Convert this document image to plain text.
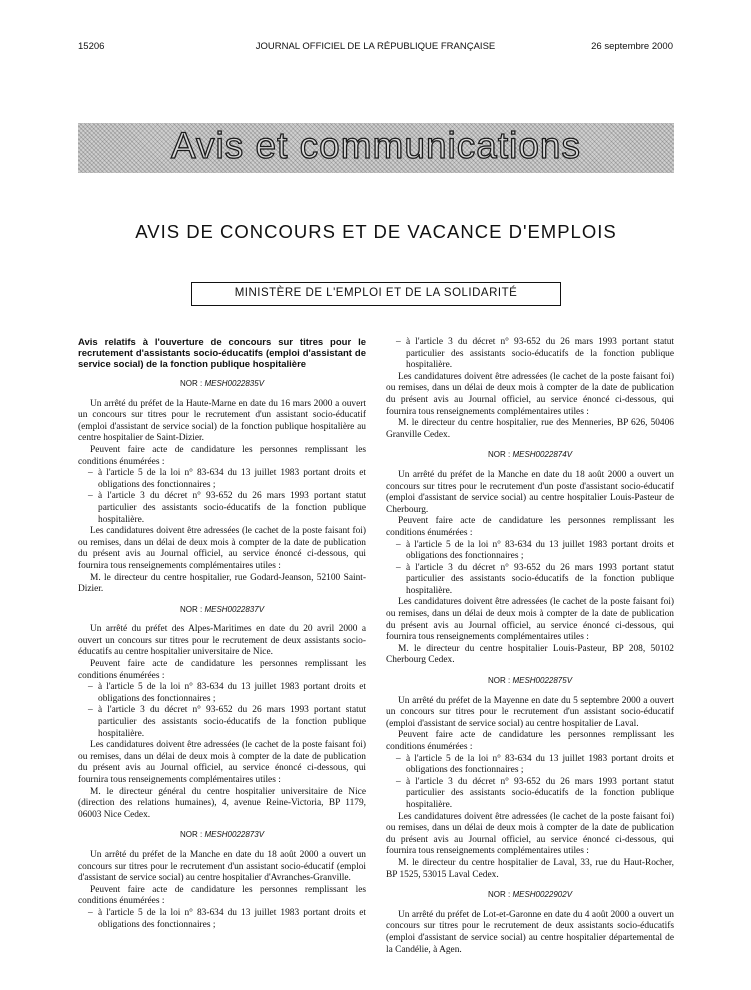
15206	JOURNAL OFFICIEL DE LA RÉPUBLIQUE FRANÇAISE	26 septembre 2000
Avis et communications
AVIS DE CONCOURS ET DE VACANCE D'EMPLOIS
MINISTÈRE DE L'EMPLOI ET DE LA SOLIDARITÉ

Avis relatifs à l'ouverture de concours sur titres pour le recrutement d'assistants socio-éducatifs (emploi d'assistant de service social) de la fonction publique hospitalière

NOR : MESH0022835V

Un arrêté du préfet de la Haute-Marne en date du 16 mars 2000 a ouvert un concours sur titres pour le recrutement d'un assistant socio-éducatif (emploi d'assistant de service social) de la fonction publique hospitalière au centre hospitalier de Saint-Dizier.

Peuvent faire acte de candidature les personnes remplissant les conditions énumérées :

– à l'article 5 de la loi n° 83-634 du 13 juillet 1983 portant droits et obligations des fonctionnaires ;

– à l'article 3 du décret n° 93-652 du 26 mars 1993 portant statut particulier des assistants socio-éducatifs de la fonction publique hospitalière.

Les candidatures doivent être adressées (le cachet de la poste faisant foi) ou remises, dans un délai de deux mois à compter de la date de publication du présent avis au Journal officiel, au service énoncé ci-dessous, qui fournira tous renseignements complémentaires utiles :

M. le directeur du centre hospitalier, rue Godard-Jeanson, 52100 Saint-Dizier.

NOR : MESH0022837V

Un arrêté du préfet des Alpes-Maritimes en date du 20 avril 2000 a ouvert un concours sur titres pour le recrutement de deux assistants socio-éducatifs au centre hospitalier universitaire de Nice.

Peuvent faire acte de candidature les personnes remplissant les conditions énumérées :

– à l'article 5 de la loi n° 83-634 du 13 juillet 1983 portant droits et obligations des fonctionnaires ;

– à l'article 3 du décret n° 93-652 du 26 mars 1993 portant statut particulier des assistants socio-éducatifs de la fonction publique hospitalière.

Les candidatures doivent être adressées (le cachet de la poste faisant foi) ou remises, dans un délai de deux mois à compter de la date de publication du présent avis au Journal officiel, au service énoncé ci-dessous, qui fournira tous renseignements complémentaires utiles :

M. le directeur général du centre hospitalier universitaire de Nice (direction des relations humaines), 4, avenue Reine-Victoria, BP 1179, 06003 Nice Cedex.

NOR : MESH0022873V

Un arrêté du préfet de la Manche en date du 18 août 2000 a ouvert un concours sur titres pour le recrutement d'un assistant socio-éducatif (emploi d'assistant de service social) au centre hospitalier d'Avranches-Granville.

Peuvent faire acte de candidature les personnes remplissant les conditions énumérées :

– à l'article 5 de la loi n° 83-634 du 13 juillet 1983 portant droits et obligations des fonctionnaires ;

– à l'article 3 du décret n° 93-652 du 26 mars 1993 portant statut particulier des assistants socio-éducatifs de la fonction publique hospitalière.

Les candidatures doivent être adressées (le cachet de la poste faisant foi) ou remises, dans un délai de deux mois à compter de la date de publication du présent avis au Journal officiel, au service énoncé ci-dessous, qui fournira tous renseignements complémentaires utiles :

M. le directeur du centre hospitalier, rue des Menneries, BP 626, 50406 Granville Cedex.

NOR : MESH0022874V

Un arrêté du préfet de la Manche en date du 18 août 2000 a ouvert un concours sur titres pour le recrutement d'un poste d'assistant socio-éducatif (emploi d'assistant de service social) au centre hospitalier Louis-Pasteur de Cherbourg.

Peuvent faire acte de candidature les personnes remplissant les conditions énumérées :

– à l'article 5 de la loi n° 83-634 du 13 juillet 1983 portant droits et obligations des fonctionnaires ;

– à l'article 3 du décret n° 93-652 du 26 mars 1993 portant statut particulier des assistants socio-éducatifs de la fonction publique hospitalière.

Les candidatures doivent être adressées (le cachet de la poste faisant foi) ou remises, dans un délai de deux mois à compter de la date de publication du présent avis au Journal officiel, au service énoncé ci-dessous, qui fournira tous renseignements complémentaires utiles :

M. le directeur du centre hospitalier Louis-Pasteur, BP 208, 50102 Cherbourg Cedex.

NOR : MESH0022875V

Un arrêté du préfet de la Mayenne en date du 5 septembre 2000 a ouvert un concours sur titres pour le recrutement d'un assistant socio-éducatif (emploi d'assistant de service social) au centre hospitalier de Laval.

Peuvent faire acte de candidature les personnes remplissant les conditions énumérées :

– à l'article 5 de la loi n° 83-634 du 13 juillet 1983 portant droits et obligations des fonctionnaires ;

– à l'article 3 du décret n° 93-652 du 26 mars 1993 portant statut particulier des assistants socio-éducatifs de la fonction publique hospitalière.

Les candidatures doivent être adressées (le cachet de la poste faisant foi) ou remises, dans un délai de deux mois à compter de la date de publication du présent avis au Journal officiel, au service énoncé ci-dessous, qui fournira tous renseignements complémentaires utiles :

M. le directeur du centre hospitalier de Laval, 33, rue du Haut-Rocher, BP 1525, 53015 Laval Cedex.

NOR : MESH0022902V

Un arrêté du préfet de Lot-et-Garonne en date du 4 août 2000 a ouvert un concours sur titres pour le recrutement de deux assistants socio-éducatifs (emploi d'assistant de service social) au centre hospitalier départemental de la Candélie, à Agen.
